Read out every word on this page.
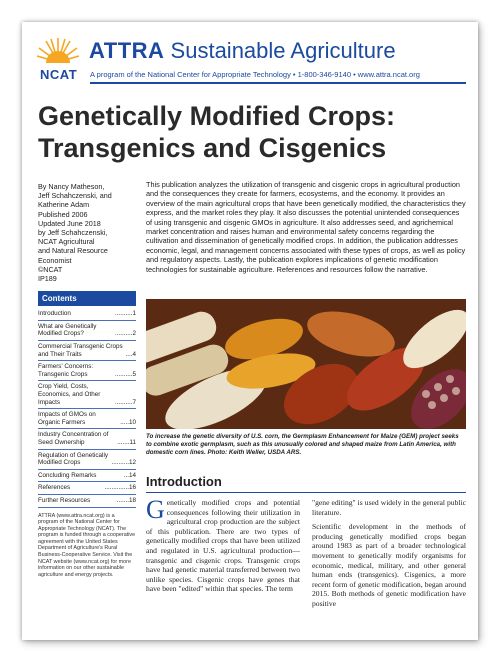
NCAT
ATTRA Sustainable Agriculture
A program of the National Center for Appropriate Technology • 1-800-346-9140 • www.attra.ncat.org
Genetically Modified Crops: Transgenics and Cisgenics
By Nancy Matheson,
Jeff Schahczenski, and
Katherine Adam
Published 2006
Updated June 2018
by Jeff Schahczenski,
NCAT Agricultural
and Natural Resource
Economist
©NCAT
IP189
Contents
Introduction	..........1
What are Genetically Modified Crops?	..........2
Commercial Transgenic Crops and Their Traits	....4
Farmers' Concerns: Transgenic Crops	..........5
Crop Yield, Costs, Economics, and Other Impacts	..........7
Impacts of GMOs on Organic Farmers	.....10
Industry Concentration of Seed Ownership	.......11
Regulation of Genetically Modified Crops	..........12
Concluding Remarks	...14
References	..............16
Further Resources	.......18
ATTRA (www.attra.ncat.org) is a program of the National Center for Appropriate Technology (NCAT). The program is funded through a cooperative agreement with the United States Department of Agriculture's Rural Business-Cooperative Service. Visit the NCAT website (www.ncat.org) for more information on our other sustainable agriculture and energy projects.
This publication analyzes the utilization of transgenic and cisgenic crops in agricultural production and the consequences they create for farmers, ecosystems, and the economy. It provides an overview of the main agricultural crops that have been genetically modified, the characteristics they express, and the market roles they play. It also discusses the potential unintended consequences of using transgenic and cisgenic GMOs in agriculture. It also addresses seed, and agrichemical market concentration and raises human and environmental safety concerns regarding the cultivation and dissemination of genetically modified crops. In addition, the publication addresses economic, legal, and management concerns associated with these types of crops, as well as policy and regulatory aspects. Lastly, the publication explores implications of genetic modification technologies for sustainable agriculture. References and resources follow the narrative.
To increase the genetic diversity of U.S. corn, the Germplasm Enhancement for Maize (GEM) project seeks to combine exotic germplasm, such as this unusually colored and shaped maize from Latin America, with domestic corn lines. Photo: Keith Weller, USDA ARS.
Introduction
Genetically modified crops and potential consequences following their utilization in agricultural crop production are the subject of this publication. There are two types of genetically modified crops that have been utilized and regulated in U.S. agricultural production—transgenic and cisgenic crops. Transgenic crops have had genetic material transferred between two unlike species. Cisgenic crops have genes that have been "edited" within that species. The term

"gene editing" is used widely in the general public literature.

Scientific development in the methods of producing genetically modified crops began around 1983 as part of a broader technological movement to genetically modify organisms for economic, medical, military, and other general human ends (transgenics). Cisgenics, a more recent form of genetic modification, began around 2015. Both methods of genetic modification have positive
